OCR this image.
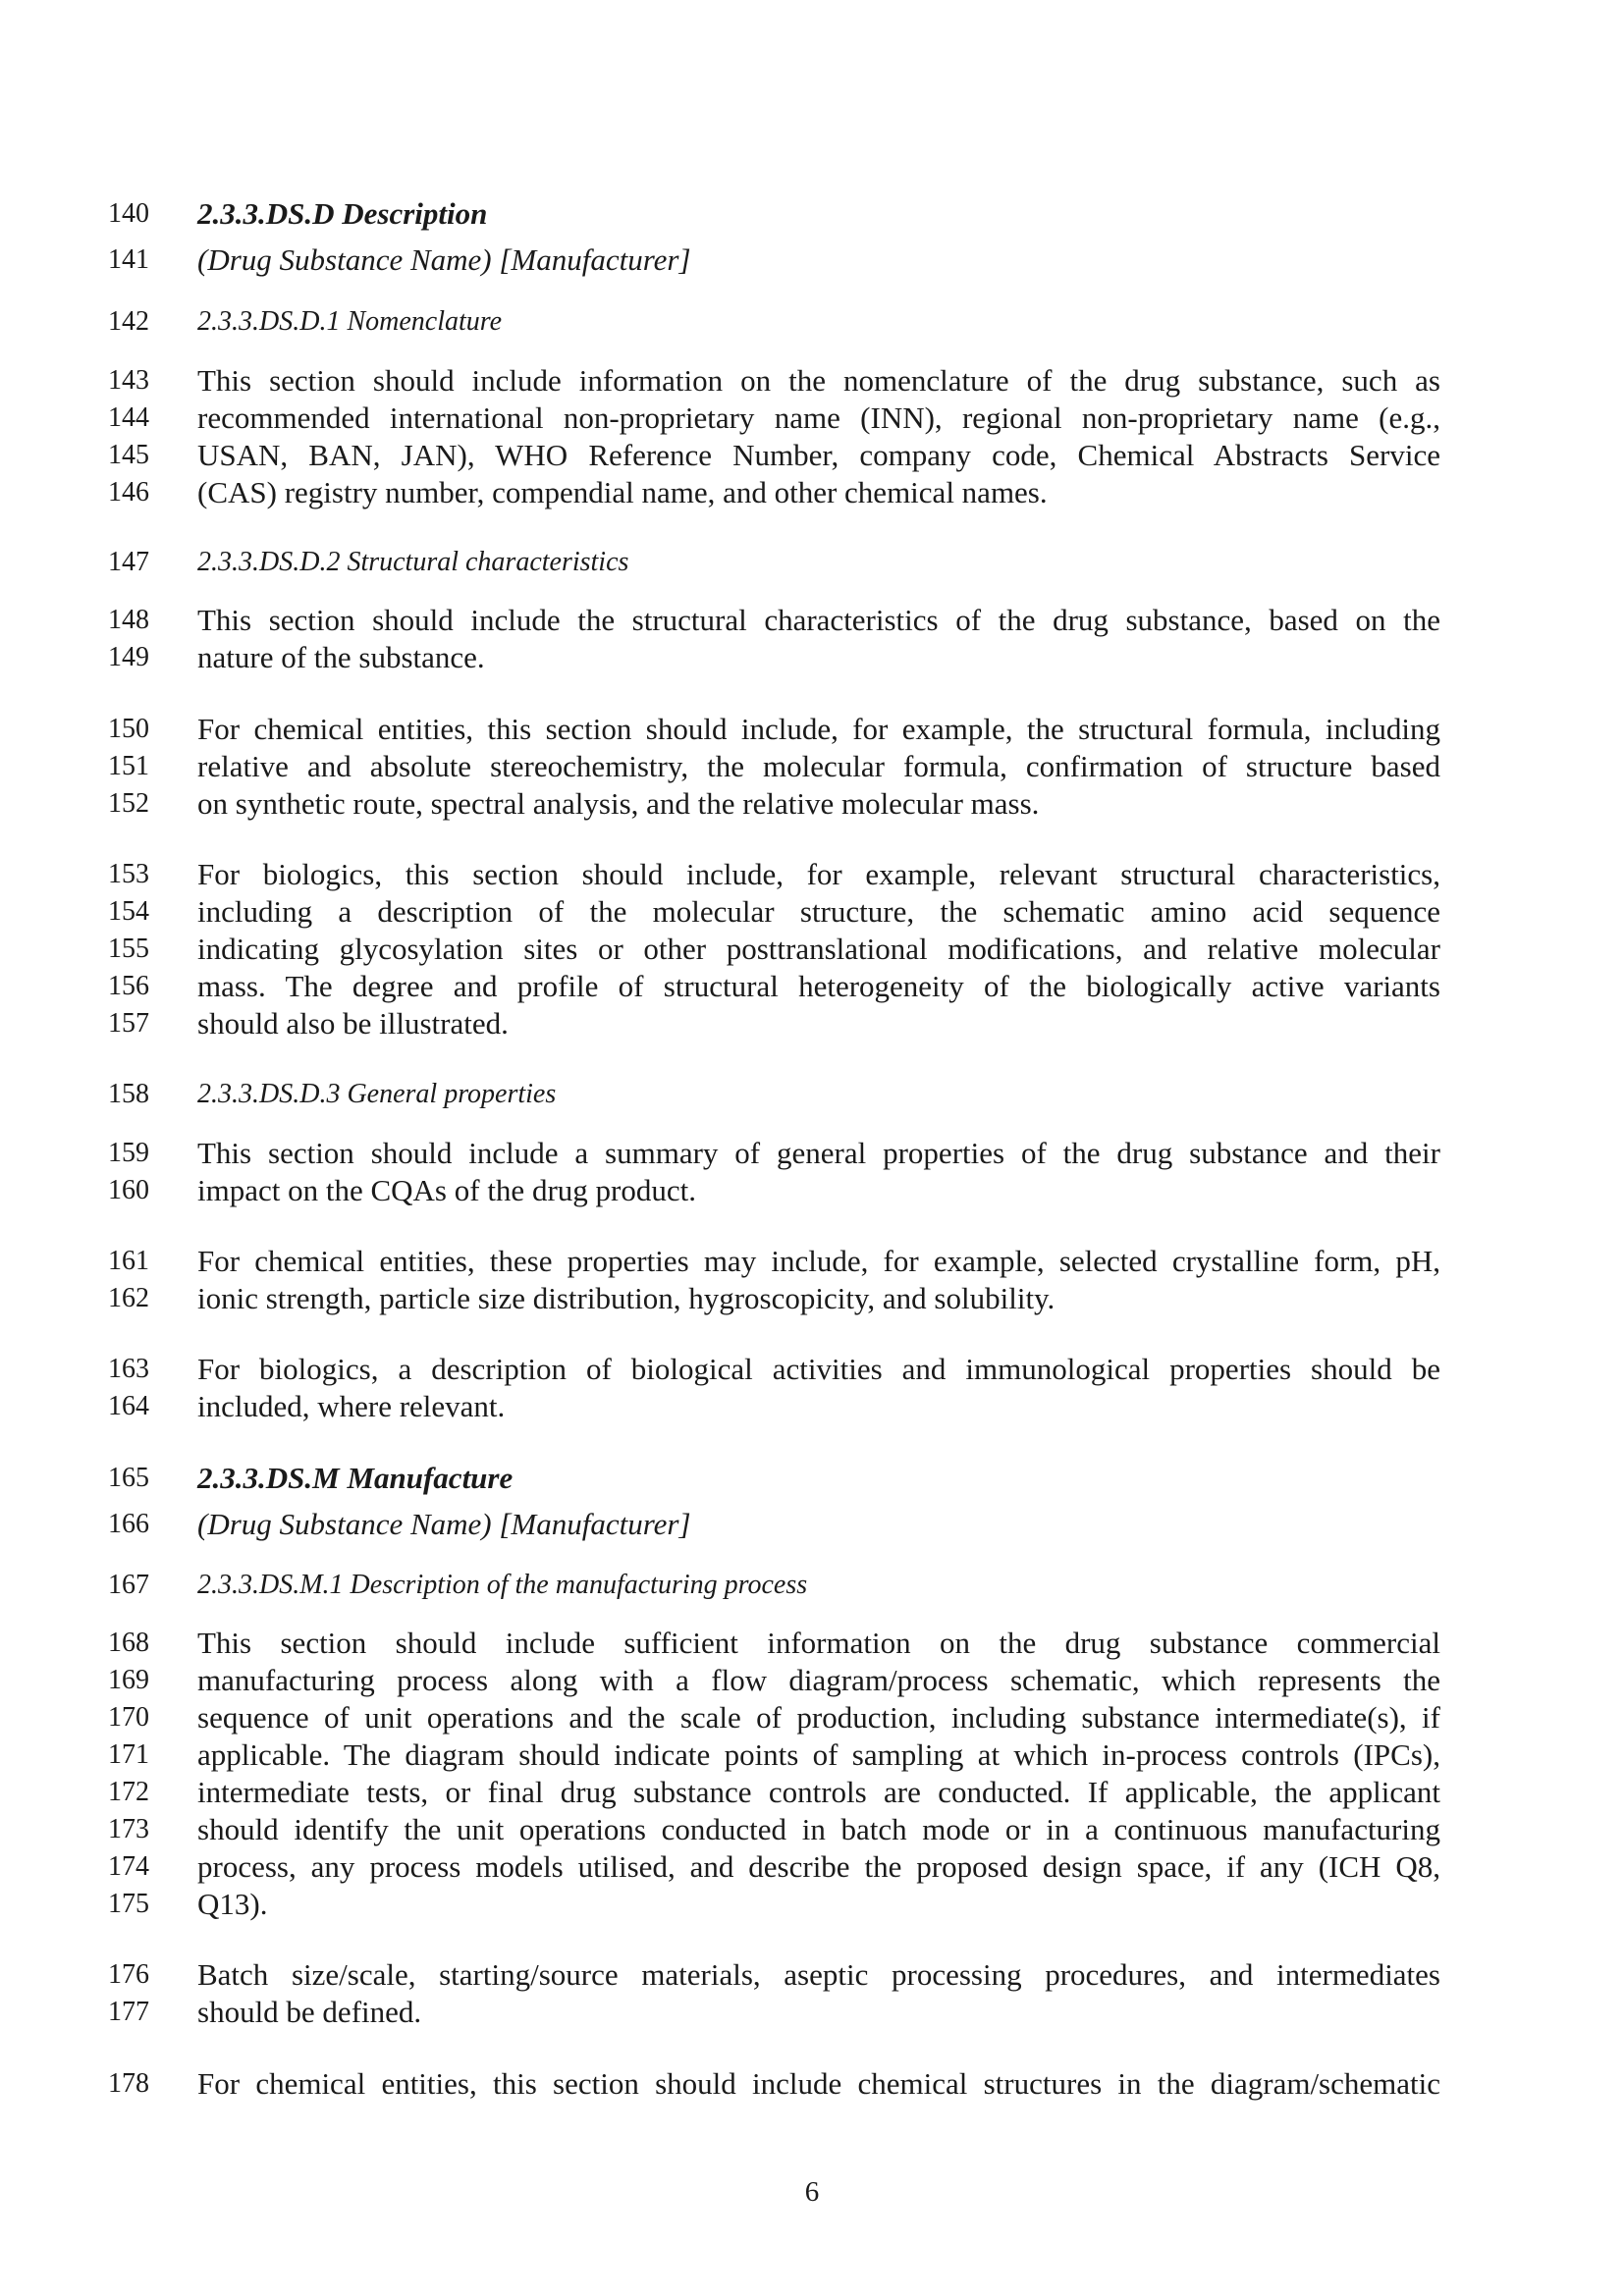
140 2.3.3.DS.D Description
141 (Drug Substance Name) [Manufacturer]
142 2.3.3.DS.D.1 Nomenclature
143 This section should include information on the nomenclature of the drug substance, such as
144 recommended international non-proprietary name (INN), regional non-proprietary name (e.g.,
145 USAN, BAN, JAN), WHO Reference Number, company code, Chemical Abstracts Service
146 (CAS) registry number, compendial name, and other chemical names.
147 2.3.3.DS.D.2 Structural characteristics
148 This section should include the structural characteristics of the drug substance, based on the
149 nature of the substance.
150 For chemical entities, this section should include, for example, the structural formula, including
151 relative and absolute stereochemistry, the molecular formula, confirmation of structure based
152 on synthetic route, spectral analysis, and the relative molecular mass.
153 For biologics, this section should include, for example, relevant structural characteristics,
154 including a description of the molecular structure, the schematic amino acid sequence
155 indicating glycosylation sites or other posttranslational modifications, and relative molecular
156 mass. The degree and profile of structural heterogeneity of the biologically active variants
157 should also be illustrated.
158 2.3.3.DS.D.3 General properties
159 This section should include a summary of general properties of the drug substance and their
160 impact on the CQAs of the drug product.
161 For chemical entities, these properties may include, for example, selected crystalline form, pH,
162 ionic strength, particle size distribution, hygroscopicity, and solubility.
163 For biologics, a description of biological activities and immunological properties should be
164 included, where relevant.
165 2.3.3.DS.M Manufacture
166 (Drug Substance Name) [Manufacturer]
167 2.3.3.DS.M.1 Description of the manufacturing process
168 This section should include sufficient information on the drug substance commercial
169 manufacturing process along with a flow diagram/process schematic, which represents the
170 sequence of unit operations and the scale of production, including substance intermediate(s), if
171 applicable. The diagram should indicate points of sampling at which in-process controls (IPCs),
172 intermediate tests, or final drug substance controls are conducted. If applicable, the applicant
173 should identify the unit operations conducted in batch mode or in a continuous manufacturing
174 process, any process models utilised, and describe the proposed design space, if any (ICH Q8,
175 Q13).
176 Batch size/scale, starting/source materials, aseptic processing procedures, and intermediates
177 should be defined.
178 For chemical entities, this section should include chemical structures in the diagram/schematic
6
